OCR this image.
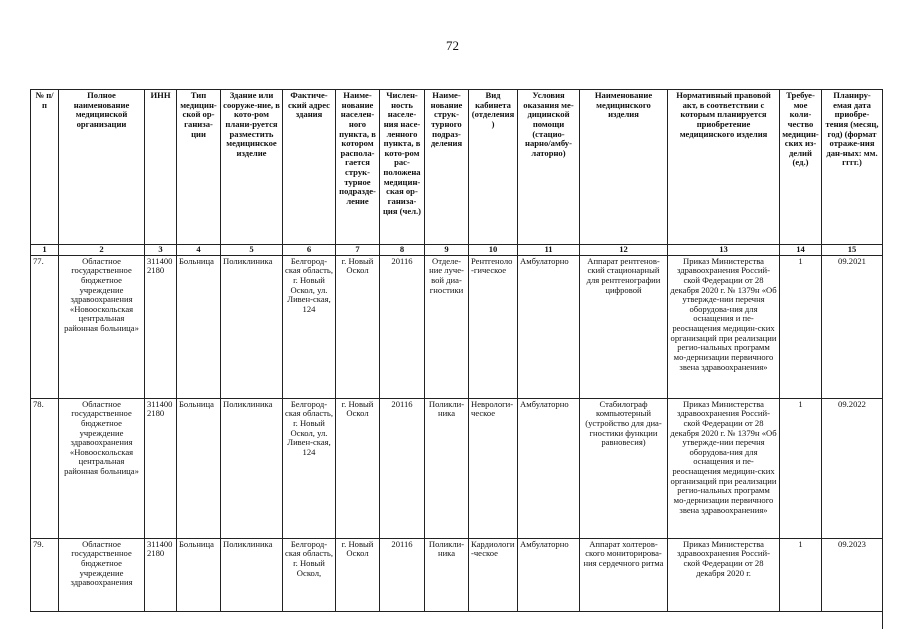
72
№ п/п	Полное наименование медицинской организации	ИНН	Тип медицин-ской ор-ганиза-ции	Здание или сооруже-ние, в кото-ром плани-руется разместить медицинское изделие	Фактиче-ский адрес здания	Наиме-нование населен-ного пункта, в котором распола-гается струк-турное подразде-ление	Числен-ность населе-ния насе-ленного пункта, в кото-ром рас-положена медицин-ская ор-ганиза-ция (чел.)	Наиме-нование струк-турного подраз-деления	Вид кабинета (отделения)	Условия оказания ме-дицинской помощи (стацио-нарно/амбу-латорно)	Наименование медицинского изделия	Нормативный правовой акт, в соответствии с которым планируется приобретение медицинского изделия	Требуе-мое коли-чество медицин-ских из-делий (ед.)	Планиру-емая дата приобре-тения (месяц, год) (формат отраже-ния дан-ных: мм. гггг.)
1	2	3	4	5	6	7	8	9	10	11	12	13	14	15
77.	Областное государственное бюджетное учреждение здравоохранения «Новооскольская центральная районная больница»	3114002180	Больница	Поликлиника	Белгород-ская область, г. Новый Оскол, ул. Ливен-ская, 124	г. Новый Оскол	20116	Отделе-ние луче-вой диа-гностики	Рентгеноло-гическое	Амбулаторно	Аппарат рентгенов-ский стационарный для рентгенографии цифровой	Приказ Министерства здравоохранения Россий-ской Федерации от 28 декабря 2020 г. № 1379н «Об утвержде-нии перечня оборудова-ния для оснащения и пе-реоснащения медицин-ских организаций при реализации регио-нальных программ мо-дернизации первичного звена здравоохранения»	1	09.2021
78.	Областное государственное бюджетное учреждение здравоохранения «Новооскольская центральная районная больница»	3114002180	Больница	Поликлиника	Белгород-ская область, г. Новый Оскол, ул. Ливен-ская, 124	г. Новый Оскол	20116	Поликли-ника	Неврологи-ческое	Амбулаторно	Стабилограф компьютерный (устройство для диа-гностики функции равновесия)	Приказ Министерства здравоохранения Россий-ской Федерации от 28 декабря 2020 г. № 1379н «Об утвержде-нии перечня оборудова-ния для оснащения и пе-реоснащения медицин-ских организаций при реализации регио-нальных программ мо-дернизации первичного звена здравоохранения»	1	09.2022
79.	Областное государственное бюджетное учреждение здравоохранения	3114002180	Больница	Поликлиника	Белгород-ская область, г. Новый Оскол,	г. Новый Оскол	20116	Поликли-ника	Кардиологи-ческое	Амбулаторно	Аппарат холтеров-ского мониторирова-ния сердечного ритма	Приказ Министерства здравоохранения Россий-ской Федерации от 28 декабря 2020 г.	1	09.2023
